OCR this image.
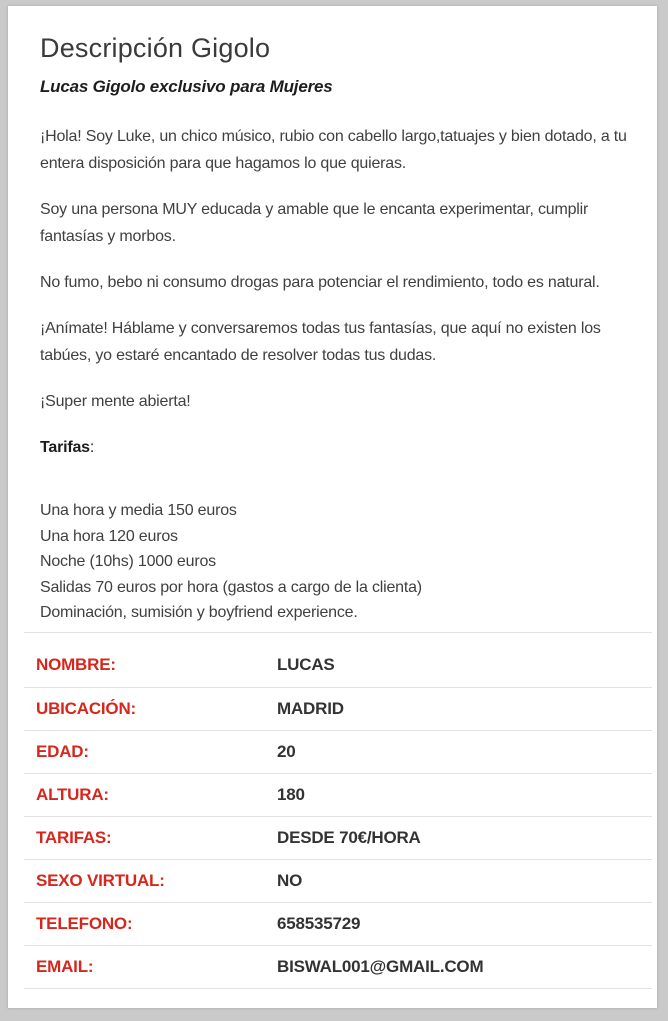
Descripción Gigolo

Lucas Gigolo exclusivo para Mujeres

¡Hola! Soy Luke, un chico músico, rubio con cabello largo,tatuajes y bien dotado, a tu entera disposición para que hagamos lo que quieras.

Soy una persona MUY educada y amable que le encanta experimentar, cumplir fantasías y morbos.

No fumo, bebo ni consumo drogas para potenciar el rendimiento, todo es natural.

¡Anímate! Háblame y conversaremos todas tus fantasías, que aquí no existen los tabúes, yo estaré encantado de resolver todas tus dudas.

¡Super mente abierta!

Tarifas:

Una hora y media 150 euros
Una hora 120 euros
Noche (10hs) 1000 euros
Salidas 70 euros por hora (gastos a cargo de la clienta)
Dominación, sumisión y boyfriend experience.
NOMBRE:	LUCAS
UBICACIÓN:	MADRID
EDAD:	20
ALTURA:	180
TARIFAS:	DESDE 70€/HORA
SEXO VIRTUAL:	NO
TELEFONO:	658535729
EMAIL:	BISWAL001@GMAIL.COM
